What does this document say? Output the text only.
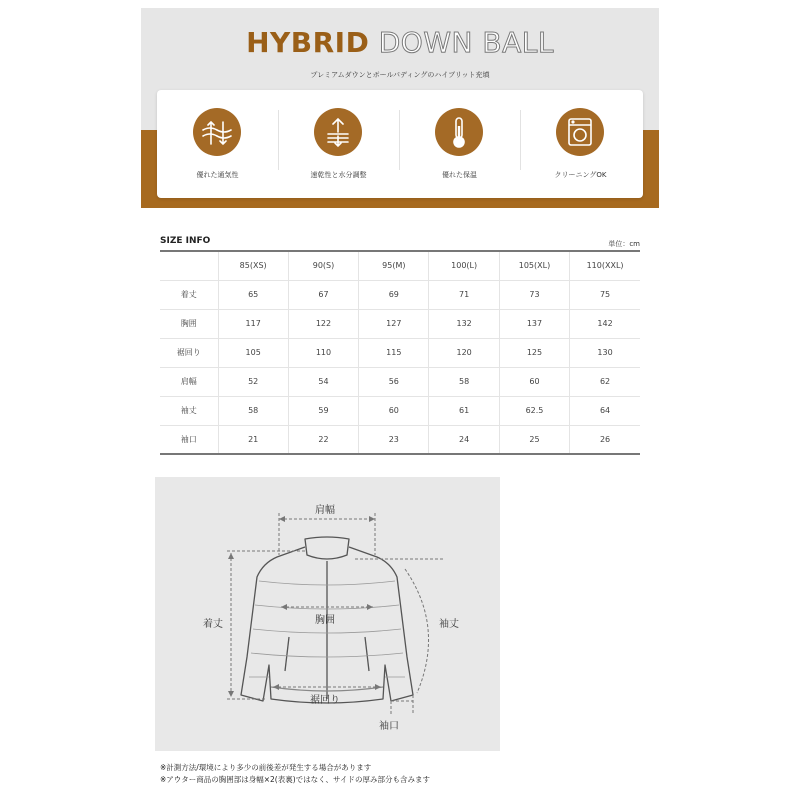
HYBRID DOWN BALL
プレミアムダウンとボールパディングのハイブリット充填
優れた通気性	速乾性と水分調整	優れた保温	クリーニングOK
SIZE INFO	単位：cm
	85(XS)	90(S)	95(M)	100(L)	105(XL)	110(XXL)
着丈	65	67	69	71	73	75
胸囲	117	122	127	132	137	142
裾回り	105	110	115	120	125	130
肩幅	52	54	56	58	60	62
袖丈	58	59	60	61	62.5	64
袖口	21	22	23	24	25	26
肩幅
着丈	胸囲	袖丈
裾回り
袖口
※計測方法/環境により多少の前後差が発生する場合があります
※アウター商品の胸囲部は身幅×2(表裏)ではなく、サイドの厚み部分も含みます
